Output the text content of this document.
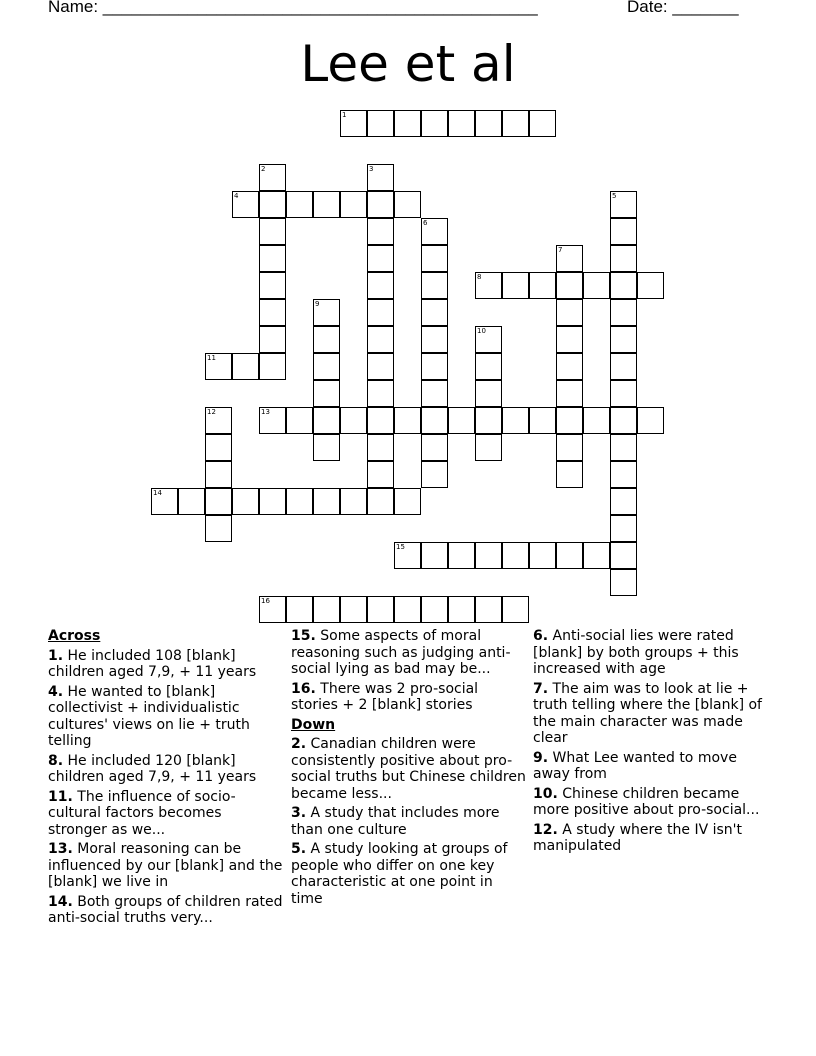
Name: ______________________________________________	Date: _______
Lee et al
1
2	3
4	5
6
7
8
9
10
11
12	13
14
15
16
Across
1. He included 108 [blank] children aged 7,9, + 11 years
4. He wanted to [blank] collectivist + individualistic cultures' views on lie + truth telling
8. He included 120 [blank] children aged 7,9, + 11 years
11. The influence of socio-cultural factors becomes stronger as we...
13. Moral reasoning can be influenced by our [blank] and the [blank] we live in
14. Both groups of children rated anti-social truths very...
15. Some aspects of moral reasoning such as judging anti-social lying as bad may be...
16. There was 2 pro-social stories + 2 [blank] stories
Down
2. Canadian children were consistently positive about pro-social truths but Chinese children became less...
3. A study that includes more than one culture
5. A study looking at groups of people who differ on one key characteristic at one point in time
6. Anti-social lies were rated [blank] by both groups + this increased with age
7. The aim was to look at lie + truth telling where the [blank] of the main character was made clear
9. What Lee wanted to move away from
10. Chinese children became more positive about pro-social...
12. A study where the IV isn't manipulated
